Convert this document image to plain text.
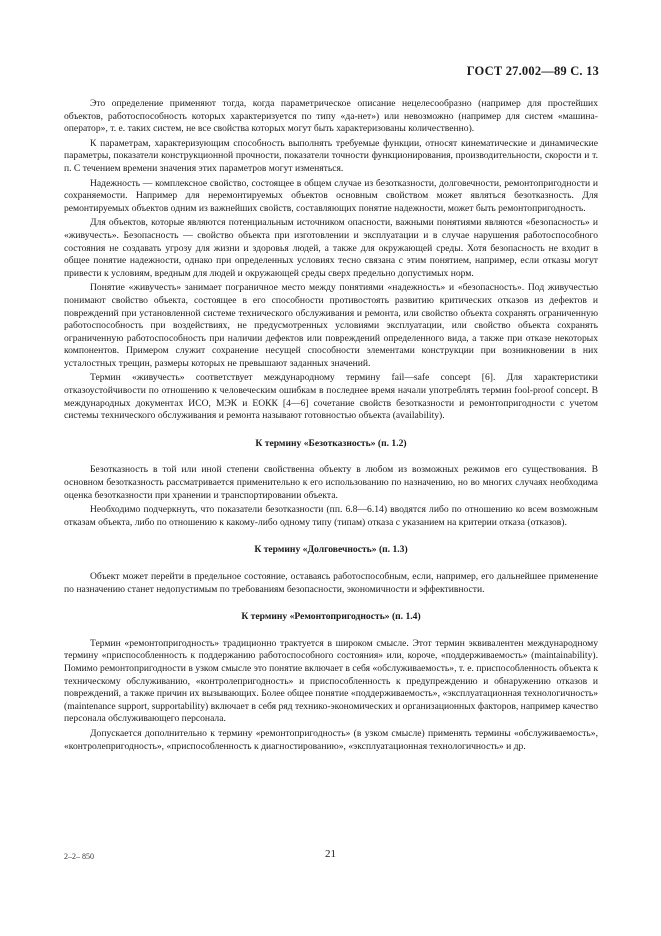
ГОСТ 27.002—89 С. 13

Это определение применяют тогда, когда параметрическое описание нецелесообразно (например для простейших объектов, работоспособность которых характеризуется по типу «да-нет») или невозможно (например для систем «машина-оператор», т. е. таких систем, не все свойства которых могут быть характеризованы количественно).

К параметрам, характеризующим способность выполнять требуемые функции, относят кинематические и динамические параметры, показатели конструкционной прочности, показатели точности функционирования, производительности, скорости и т. п. С течением времени значения этих параметров могут изменяться.

Надежность — комплексное свойство, состоящее в общем случае из безотказности, долговечности, ремонтопригодности и сохраняемости. Например для неремонтируемых объектов основным свойством может являться безотказность. Для ремонтируемых объектов одним из важнейших свойств, составляющих понятие надежности, может быть ремонтопригодность.

Для объектов, которые являются потенциальным источником опасности, важными понятиями являются «безопасность» и «живучесть». Безопасность — свойство объекта при изготовлении и эксплуатации и в случае нарушения работоспособного состояния не создавать угрозу для жизни и здоровья людей, а также для окружающей среды. Хотя безопасность не входит в общее понятие надежности, однако при определенных условиях тесно связана с этим понятием, например, если отказы могут привести к условиям, вредным для людей и окружающей среды сверх предельно допустимых норм.

Понятие «живучесть» занимает пограничное место между понятиями «надежность» и «безопасность». Под живучестью понимают свойство объекта, состоящее в его способности противостоять развитию критических отказов из дефектов и повреждений при установленной системе технического обслуживания и ремонта, или свойство объекта сохранять ограниченную работоспособность при воздействиях, не предусмотренных условиями эксплуатации, или свойство объекта сохранять ограниченную работоспособность при наличии дефектов или повреждений определенного вида, а также при отказе некоторых компонентов. Примером служит сохранение несущей способности элементами конструкции при возникновении в них усталостных трещин, размеры которых не превышают заданных значений.

Термин «живучесть» соответствует международному термину fail—safe concept [6]. Для характеристики отказоустойчивости по отношению к человеческим ошибкам в последнее время начали употреблять термин fool-proof concept. В международных документах ИСО, МЭК и ЕОКК [4—6] сочетание свойств безотказности и ремонтопригодности с учетом системы технического обслуживания и ремонта называют готовностью объекта (availability).

К термину «Безотказность» (п. 1.2)

Безотказность в той или иной степени свойственна объекту в любом из возможных режимов его существования. В основном безотказность рассматривается применительно к его использованию по назначению, но во многих случаях необходима оценка безотказности при хранении и транспортировании объекта.

Необходимо подчеркнуть, что показатели безотказности (пп. 6.8—6.14) вводятся либо по отношению ко всем возможным отказам объекта, либо по отношению к какому-либо одному типу (типам) отказа с указанием на критерии отказа (отказов).

К термину «Долговечность» (п. 1.3)

Объект может перейти в предельное состояние, оставаясь работоспособным, если, например, его дальнейшее применение по назначению станет недопустимым по требованиям безопасности, экономичности и эффективности.

К термину «Ремонтопригодность» (п. 1.4)

Термин «ремонтопригодность» традиционно трактуется в широком смысле. Этот термин эквивалентен международному термину «приспособленность к поддержанию работоспособного состояния» или, короче, «поддерживаемость» (maintainability). Помимо ремонтопригодности в узком смысле это понятие включает в себя «обслуживаемость», т. е. приспособленность объекта к техническому обслуживанию, «контролепригодность» и приспособленность к предупреждению и обнаружению отказов и повреждений, а также причин их вызывающих. Более общее понятие «поддерживаемость», «эксплуатационная технологичность» (maintenance support, supportability) включает в себя ряд технико-экономических и организационных факторов, например качество персонала обслуживающего персонала.

Допускается дополнительно к термину «ремонтопригодность» (в узком смысле) применять термины «обслуживаемость», «контролепригодность», «приспособленность к диагностированию», «эксплуатационная технологичность» и др.

2–2– 850	21
